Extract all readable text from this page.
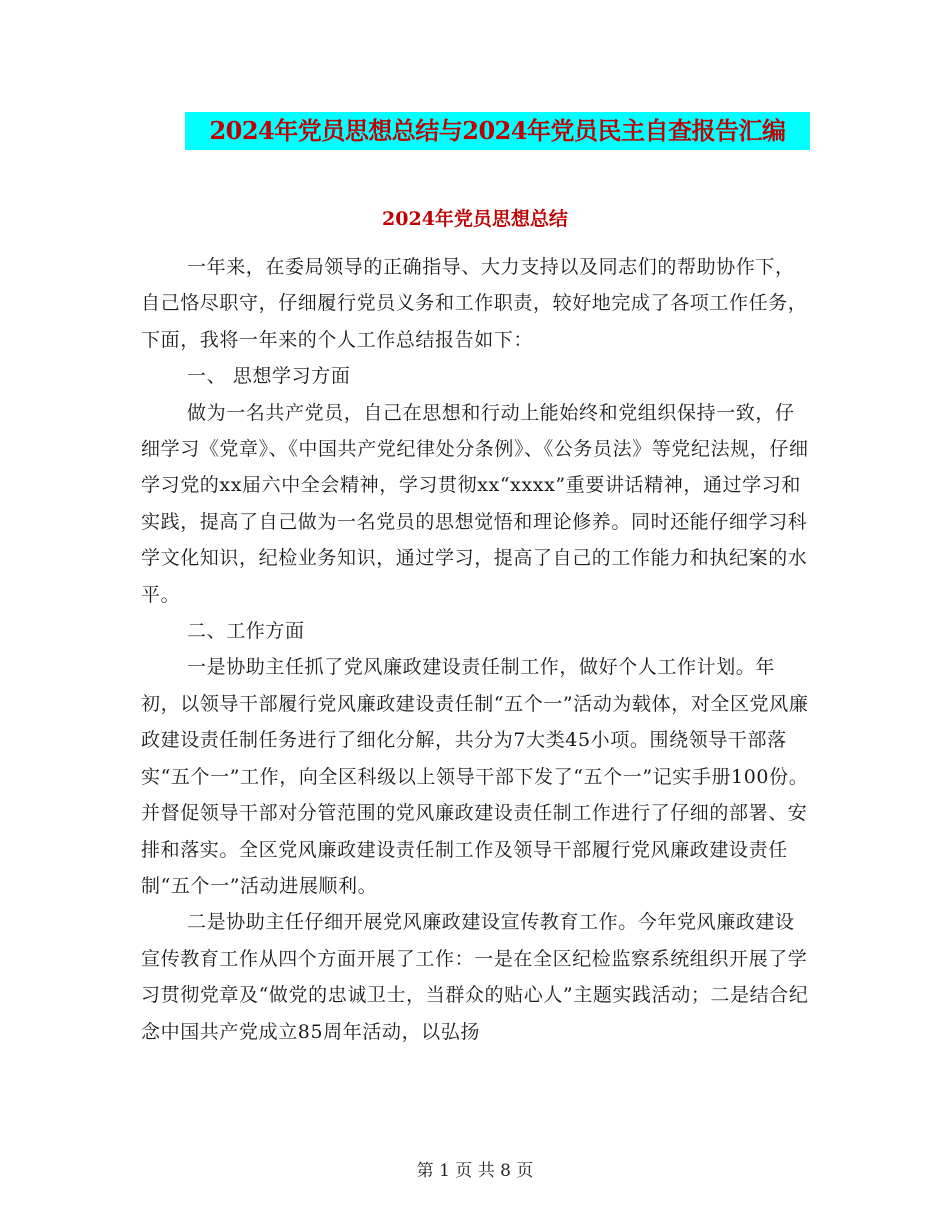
2024年党员思想总结与2024年党员民主自查报告汇编
2024年党员思想总结

一年来，在委局领导的正确指导、大力支持以及同志们的帮助协作下，自己恪尽职守，仔细履行党员义务和工作职责，较好地完成了各项工作任务，下面，我将一年来的个人工作总结报告如下：

一、 思想学习方面

做为一名共产党员，自己在思想和行动上能始终和党组织保持一致，仔细学习《党章》、《中国共产党纪律处分条例》、《公务员法》等党纪法规，仔细学习党的xx届六中全会精神，学习贯彻xx“xxxx”重要讲话精神，通过学习和实践，提高了自己做为一名党员的思想觉悟和理论修养。同时还能仔细学习科学文化知识，纪检业务知识，通过学习，提高了自己的工作能力和执纪案的水平。

二、工作方面

一是协助主任抓了党风廉政建设责任制工作，做好个人工作计划。年初，以领导干部履行党风廉政建设责任制“五个一”活动为载体，对全区党风廉政建设责任制任务进行了细化分解，共分为7大类45小项。围绕领导干部落实“五个一”工作，向全区科级以上领导干部下发了“五个一”记实手册100份。并督促领导干部对分管范围的党风廉政建设责任制工作进行了仔细的部署、安排和落实。全区党风廉政建设责任制工作及领导干部履行党风廉政建设责任制“五个一”活动进展顺利。

二是协助主任仔细开展党风廉政建设宣传教育工作。今年党风廉政建设宣传教育工作从四个方面开展了工作：一是在全区纪检监察系统组织开展了学习贯彻党章及“做党的忠诚卫士，当群众的贴心人”主题实践活动；二是结合纪念中国共产党成立85周年活动，以弘扬

第 1 页 共 8 页
